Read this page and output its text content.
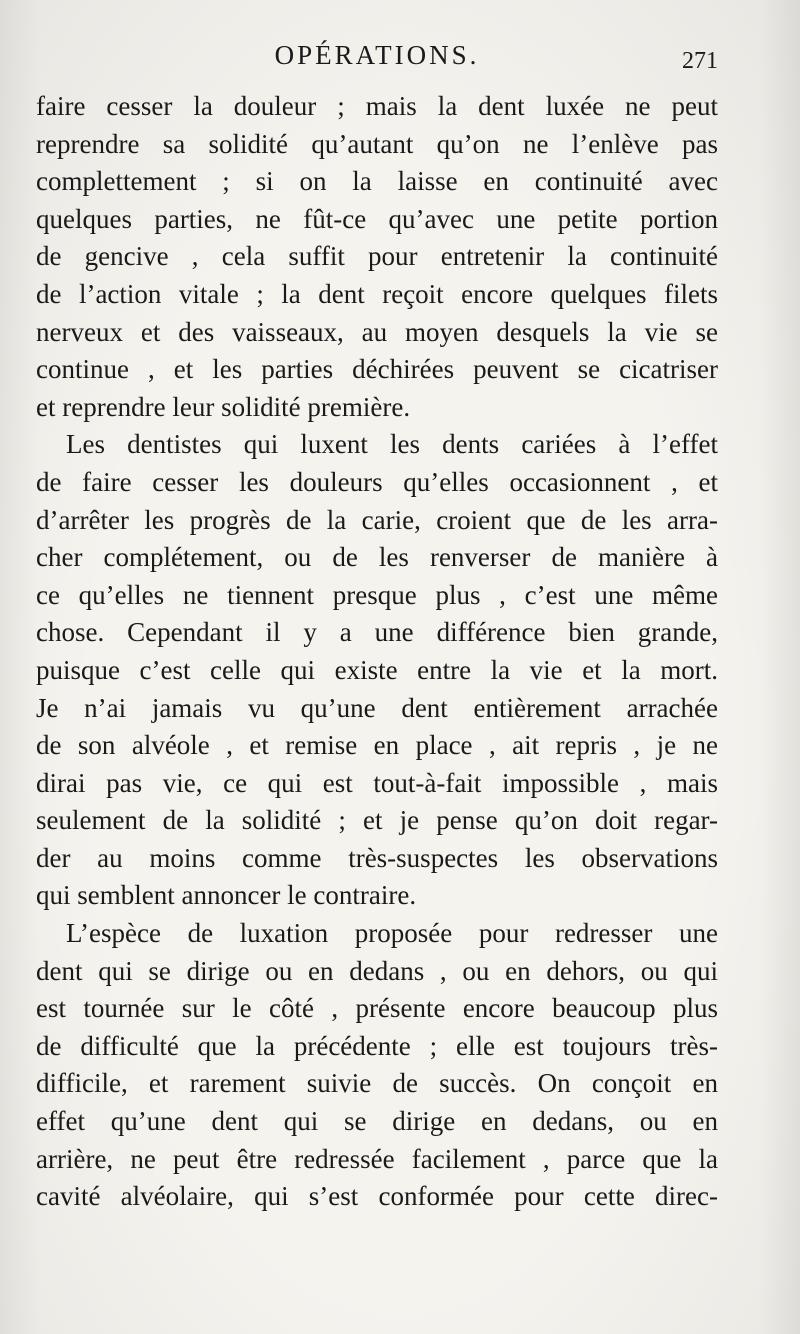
OPÉRATIONS.	271
faire cesser la douleur ; mais la dent luxée ne peut
reprendre sa solidité qu’autant qu’on ne l’enlève pas
complettement ; si on la laisse en continuité avec
quelques parties, ne fût-ce qu’avec une petite portion
de gencive , cela suffit pour entretenir la continuité
de l’action vitale ; la dent reçoit encore quelques filets
nerveux et des vaisseaux, au moyen desquels la vie se
continue , et les parties déchirées peuvent se cicatriser
et reprendre leur solidité première.
Les dentistes qui luxent les dents cariées à l’effet
de faire cesser les douleurs qu’elles occasionnent , et
d’arrêter les progrès de la carie, croient que de les arra-
cher complétement, ou de les renverser de manière à
ce qu’elles ne tiennent presque plus , c’est une même
chose. Cependant il y a une différence bien grande,
puisque c’est celle qui existe entre la vie et la mort.
Je n’ai jamais vu qu’une dent entièrement arrachée
de son alvéole , et remise en place , ait repris , je ne
dirai pas vie, ce qui est tout-à-fait impossible , mais
seulement de la solidité ; et je pense qu’on doit regar-
der au moins comme très-suspectes les observations
qui semblent annoncer le contraire.
L’espèce de luxation proposée pour redresser une
dent qui se dirige ou en dedans , ou en dehors, ou qui
est tournée sur le côté , présente encore beaucoup plus
de difficulté que la précédente ; elle est toujours très-
difficile, et rarement suivie de succès. On conçoit en
effet qu’une dent qui se dirige en dedans, ou en
arrière, ne peut être redressée facilement , parce que la
cavité alvéolaire, qui s’est conformée pour cette direc-
